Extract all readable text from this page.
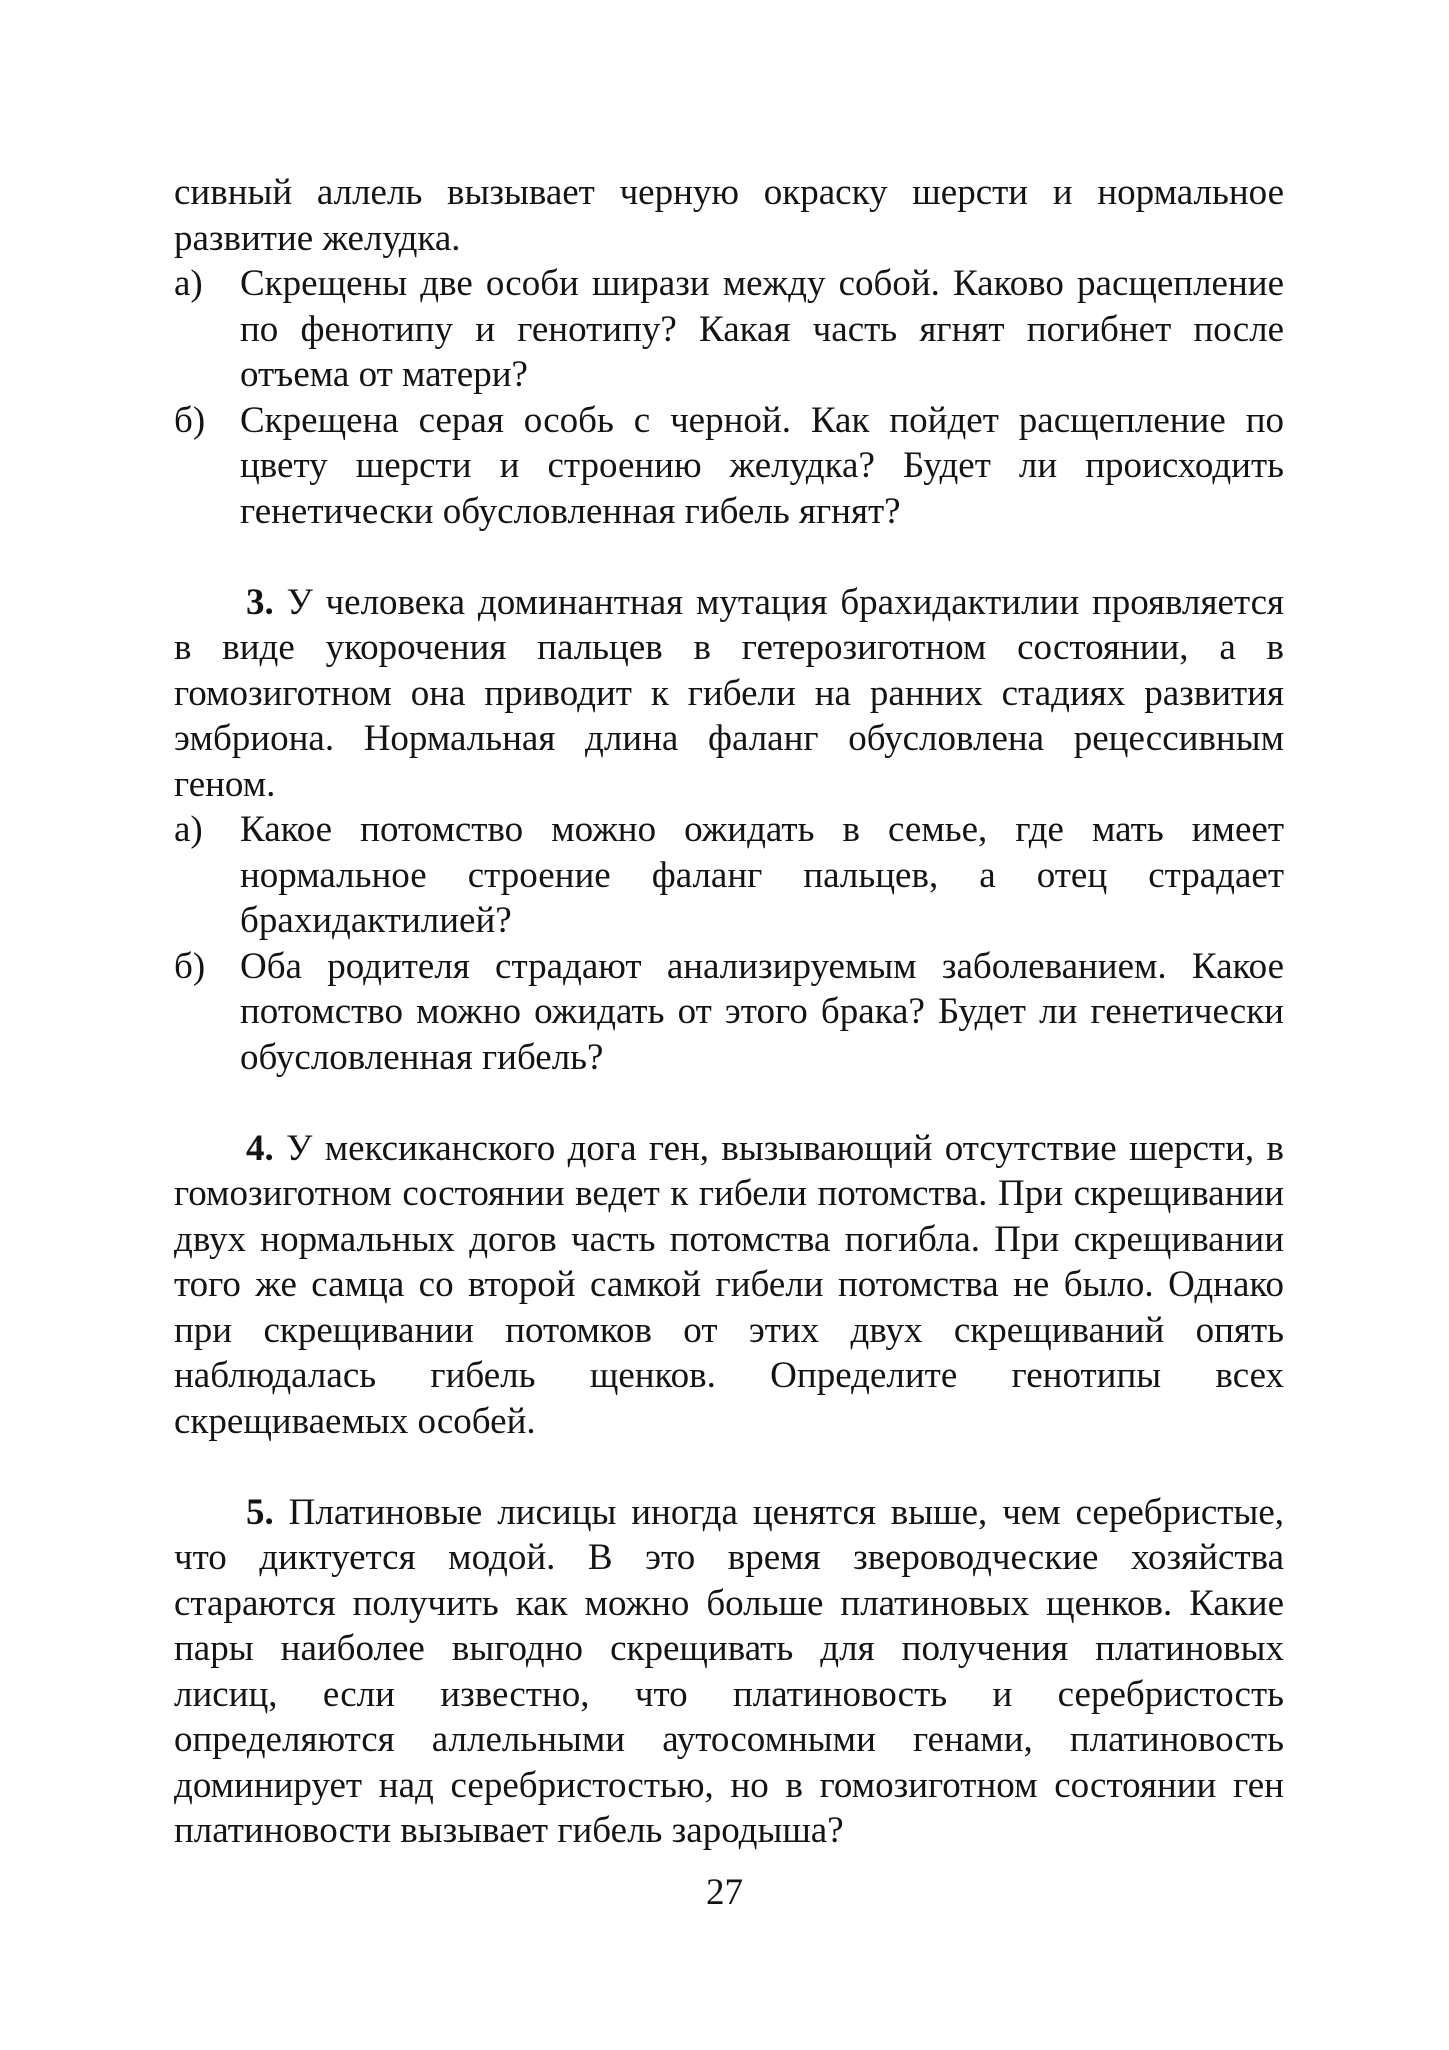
сивный аллель вызывает черную окраску шерсти и нормальное развитие желудка.

а)	Скрещены две особи ширази между собой. Каково расщепление по фенотипу и генотипу? Какая часть ягнят погибнет после отъема от матери?
б) Скрещена серая особь с черной. Как пойдет расщепление по цвету шерсти и строению желудка? Будет ли происходить генетически обусловленная гибель ягнят?

3. У человека доминантная мутация брахидактилии проявляется в виде укорочения пальцев в гетерозиготном состоянии, а в гомозиготном она приводит к гибели на ранних стадиях развития эмбриона. Нормальная длина фаланг обусловлена рецессивным геном.

а)	Какое потомство можно ожидать в семье, где мать имеет нормальное строение фаланг пальцев, а отец страдает брахидактилией?
б) Оба родителя страдают анализируемым заболеванием. Какое потомство можно ожидать от этого брака? Будет ли генетически обусловленная гибель?

4. У мексиканского дога ген, вызывающий отсутствие шерсти, в гомозиготном состоянии ведет к гибели потомства. При скрещивании двух нормальных догов часть потомства погибла. При скрещивании того же самца со второй самкой гибели потомства не было. Однако при скрещивании потомков от этих двух скрещиваний опять наблюдалась гибель щенков. Определите генотипы всех скрещиваемых особей.

5. Платиновые лисицы иногда ценятся выше, чем серебристые, что диктуется модой. В это время звероводческие хозяйства стараются получить как можно больше платиновых щенков. Какие пары наиболее выгодно скрещивать для получения платиновых лисиц, если известно, что платиновость и серебристость определяются аллельными аутосомными генами, платиновость доминирует над серебристостью, но в гомозиготном состоянии ген платиновости вызывает гибель зародыша?

27
